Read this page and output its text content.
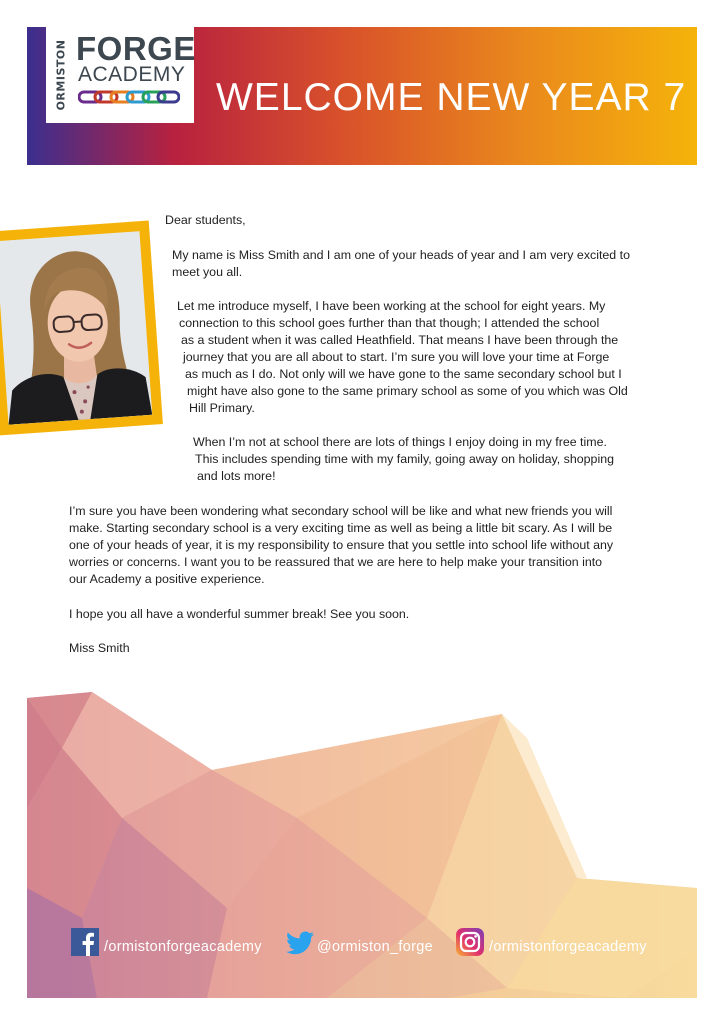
ORMISTON FORGE
ACADEMY
WELCOME NEW YEAR 7
Dear students,
My name is Miss Smith and I am one of your heads of year and I am very excited to
meet you all.
Let me introduce myself, I have been working at the school for eight years. My
connection to this school goes further than that though; I attended the school
as a student when it was called Heathfield. That means I have been through the
journey that you are all about to start. I’m sure you will love your time at Forge
as much as I do. Not only will we have gone to the same secondary school but I
might have also gone to the same primary school as some of you which was Old
Hill Primary.
When I’m not at school there are lots of things I enjoy doing in my free time.
This includes spending time with my family, going away on holiday, shopping
and lots more!
I’m sure you have been wondering what secondary school will be like and what new friends you will
make. Starting secondary school is a very exciting time as well as being a little bit scary. As I will be
one of your heads of year, it is my responsibility to ensure that you settle into school life without any
worries or concerns. I want you to be reassured that we are here to help make your transition into
our Academy a positive experience.
I hope you all have a wonderful summer break! See you soon.
Miss Smith
/ormistonforgeacademy	@ormiston_forge	/ormistonforgeacademy
